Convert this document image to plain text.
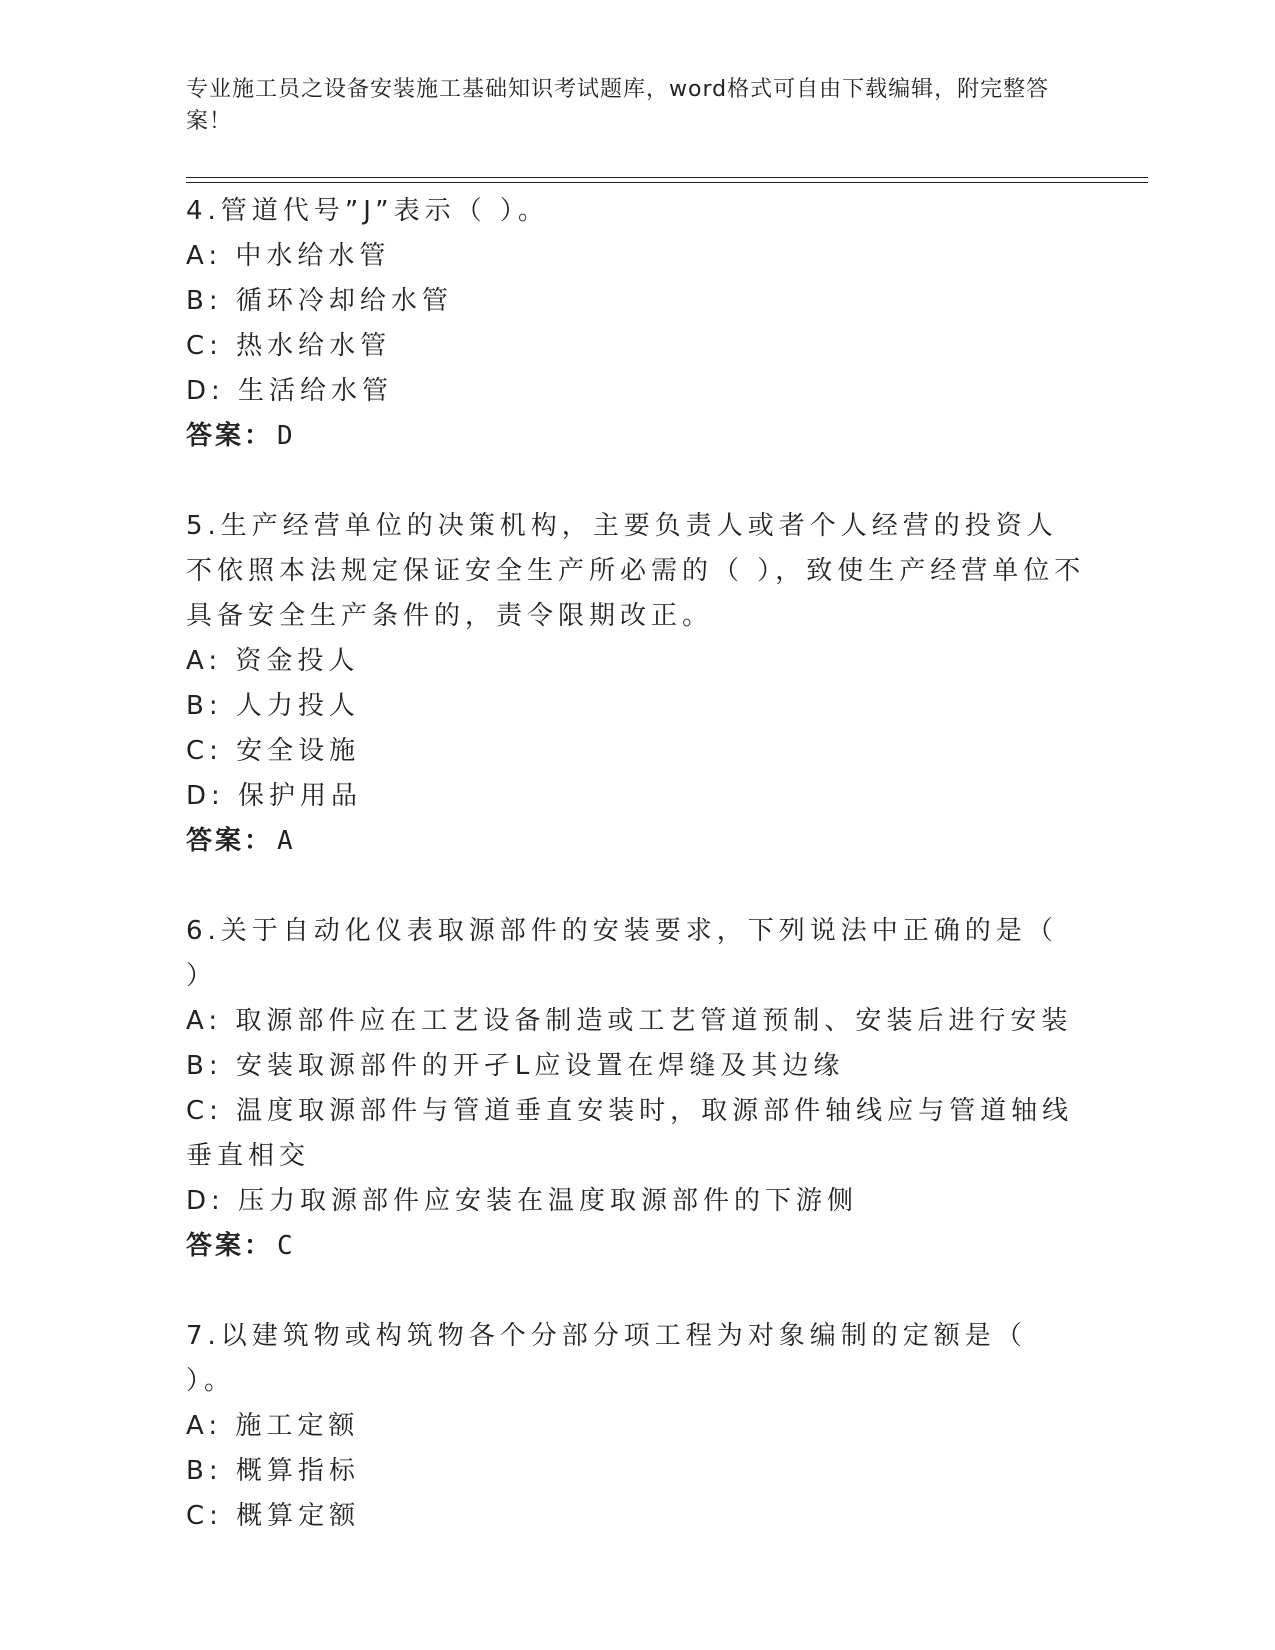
专业施工员之设备安装施工基础知识考试题库，word格式可自由下载编辑，附完整答案！

4.管道代号”J”表示（ ）。

A: 中水给水管

B: 循环冷却给水管

C: 热水给水管

D: 生活给水管

答案： D

5.生产经营单位的决策机构，主要负责人或者个人经营的投资人不依照本法规定保证安全生产所必需的（ ），致使生产经营单位不具备安全生产条件的，责令限期改正。

A: 资金投人

B: 人力投人

C: 安全设施

D: 保护用品

答案： A

6.关于自动化仪表取源部件的安装要求，下列说法中正确的是（ ）

A: 取源部件应在工艺设备制造或工艺管道预制、安装后进行安装

B: 安装取源部件的开孑L应设置在焊缝及其边缘

C: 温度取源部件与管道垂直安装时，取源部件轴线应与管道轴线垂直相交

D: 压力取源部件应安装在温度取源部件的下游侧

答案： C

7.以建筑物或构筑物各个分部分项工程为对象编制的定额是（ ）。

A: 施工定额

B: 概算指标

C: 概算定额
